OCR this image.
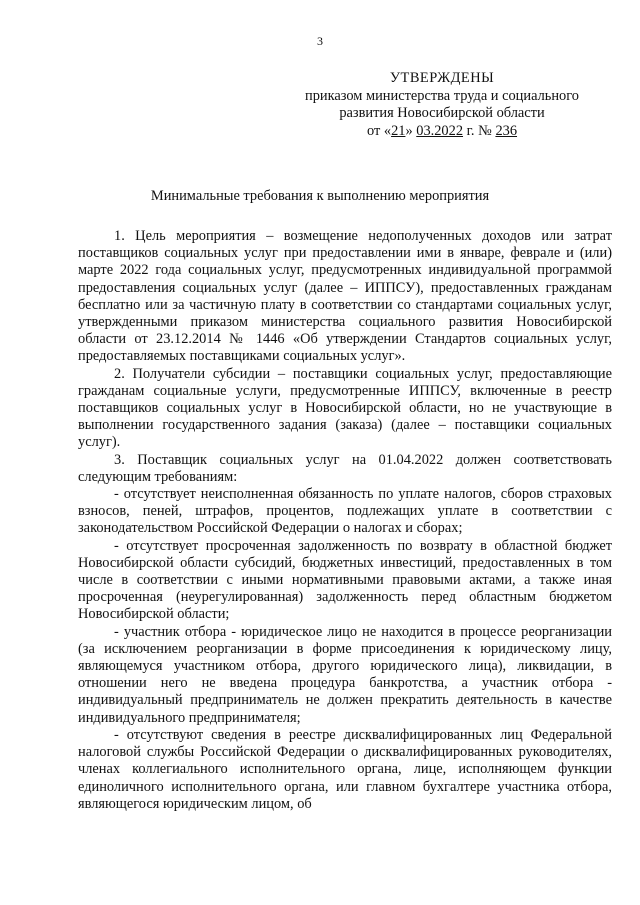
3
УТВЕРЖДЕНЫ
приказом министерства труда и социального
развития Новосибирской области
от «21» 03.2022 г. № 236
Минимальные требования к выполнению мероприятия

1. Цель мероприятия – возмещение недополученных доходов или затрат поставщиков социальных услуг при предоставлении ими в январе, феврале и (или) марте 2022 года социальных услуг, предусмотренных индивидуальной программой предоставления социальных услуг (далее – ИППСУ), предоставленных гражданам бесплатно или за частичную плату в соответствии со стандартами социальных услуг, утвержденными приказом министерства социального развития Новосибирской области от 23.12.2014 № 1446 «Об утверждении Стандартов социальных услуг, предоставляемых поставщиками социальных услуг».

2. Получатели субсидии – поставщики социальных услуг, предоставляющие гражданам социальные услуги, предусмотренные ИППСУ, включенные в реестр поставщиков социальных услуг в Новосибирской области, но не участвующие в выполнении государственного задания (заказа) (далее – поставщики социальных услуг).

3. Поставщик социальных услуг на 01.04.2022 должен соответствовать следующим требованиям:

- отсутствует неисполненная обязанность по уплате налогов, сборов страховых взносов, пеней, штрафов, процентов, подлежащих уплате в соответствии с законодательством Российской Федерации о налогах и сборах;

- отсутствует просроченная задолженность по возврату в областной бюджет Новосибирской области субсидий, бюджетных инвестиций, предоставленных в том числе в соответствии с иными нормативными правовыми актами, а также иная просроченная (неурегулированная) задолженность перед областным бюджетом Новосибирской области;

- участник отбора - юридическое лицо не находится в процессе реорганизации (за исключением реорганизации в форме присоединения к юридическому лицу, являющемуся участником отбора, другого юридического лица), ликвидации, в отношении него не введена процедура банкротства, а участник отбора - индивидуальный предприниматель не должен прекратить деятельность в качестве индивидуального предпринимателя;

- отсутствуют сведения в реестре дисквалифицированных лиц Федеральной налоговой службы Российской Федерации о дисквалифицированных руководителях, членах коллегиального исполнительного органа, лице, исполняющем функции единоличного исполнительного органа, или главном бухгалтере участника отбора, являющегося юридическим лицом, об
